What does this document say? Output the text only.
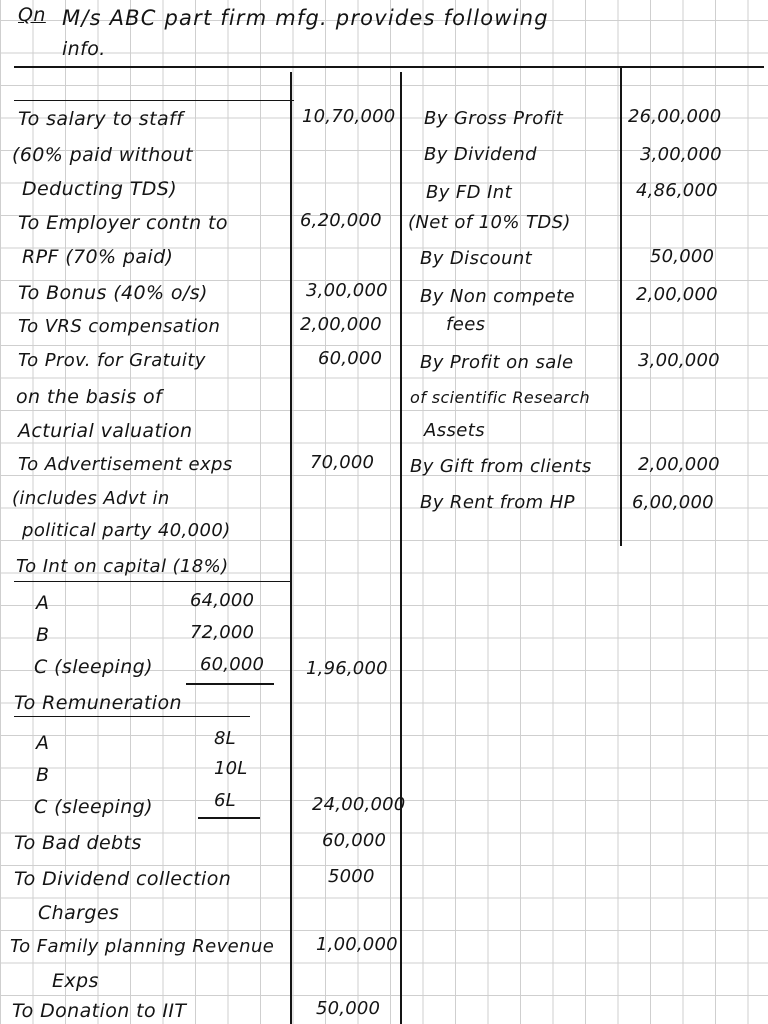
Qn M/s ABC part firm mfg. provides following
info.
To salary to staff	10,70,000
(60% paid without
Deducting TDS)
To Employer contn to	6,20,000
RPF (70% paid)
To Bonus (40% o/s)	3,00,000
To VRS compensation	2,00,000
To Prov. for Gratuity	60,000
on the basis of
Acturial valuation
To Advertisement exps	70,000
(includes Advt in
political party 40,000)
To Int on capital (18%)
A	64,000
B	72,000
C (sleeping)	60,000 1,96,000
To Remuneration
A	8L
B	10L
C (sleeping)	6L	24,00,000
To Bad debts	60,000
To Dividend collection	5000
Charges
To Family planning Revenue 1,00,000
Exps
To Donation to IIT	50,000
By Gross Profit	26,00,000
By Dividend	3,00,000
By FD Int	4,86,000
(Net of 10% TDS)
By Discount	50,000
By Non compete	2,00,000
fees
By Profit on sale	3,00,000
of scientific Research
Assets
By Gift from clients	2,00,000
By Rent from HP	6,00,000
